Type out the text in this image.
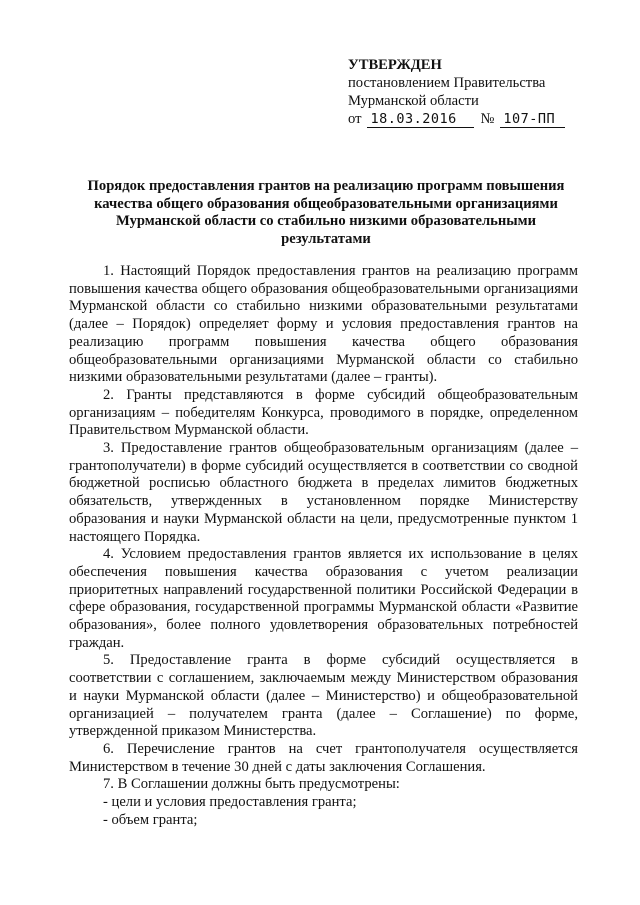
УТВЕРЖДЕН
постановлением Правительства
Мурманской области
от 18.03.2016 № 107-ПП
Порядок предоставления грантов на реализацию программ повышения качества общего образования общеобразовательными организациями Мурманской области со стабильно низкими образовательными результатами

1. Настоящий Порядок предоставления грантов на реализацию программ повышения качества общего образования общеобразовательными организациями Мурманской области со стабильно низкими образовательными результатами (далее – Порядок) определяет форму и условия предоставления грантов на реализацию программ повышения качества общего образования общеобразовательными организациями Мурманской области со стабильно низкими образовательными результатами (далее – гранты).

2. Гранты представляются в форме субсидий общеобразовательным организациям – победителям Конкурса, проводимого в порядке, определенном Правительством Мурманской области.

3. Предоставление грантов общеобразовательным организациям (далее – грантополучатели) в форме субсидий осуществляется в соответствии со сводной бюджетной росписью областного бюджета в пределах лимитов бюджетных обязательств, утвержденных в установленном порядке Министерству образования и науки Мурманской области на цели, предусмотренные пунктом 1 настоящего Порядка.

4. Условием предоставления грантов является их использование в целях обеспечения повышения качества образования с учетом реализации приоритетных направлений государственной политики Российской Федерации в сфере образования, государственной программы Мурманской области «Развитие образования», более полного удовлетворения образовательных потребностей граждан.

5. Предоставление гранта в форме субсидий осуществляется в соответствии с соглашением, заключаемым между Министерством образования и науки Мурманской области (далее – Министерство) и общеобразовательной организацией – получателем гранта (далее – Соглашение) по форме, утвержденной приказом Министерства.

6. Перечисление грантов на счет грантополучателя осуществляется Министерством в течение 30 дней с даты заключения Соглашения.

7. В Соглашении должны быть предусмотрены:

- цели и условия предоставления гранта;

- объем гранта;
